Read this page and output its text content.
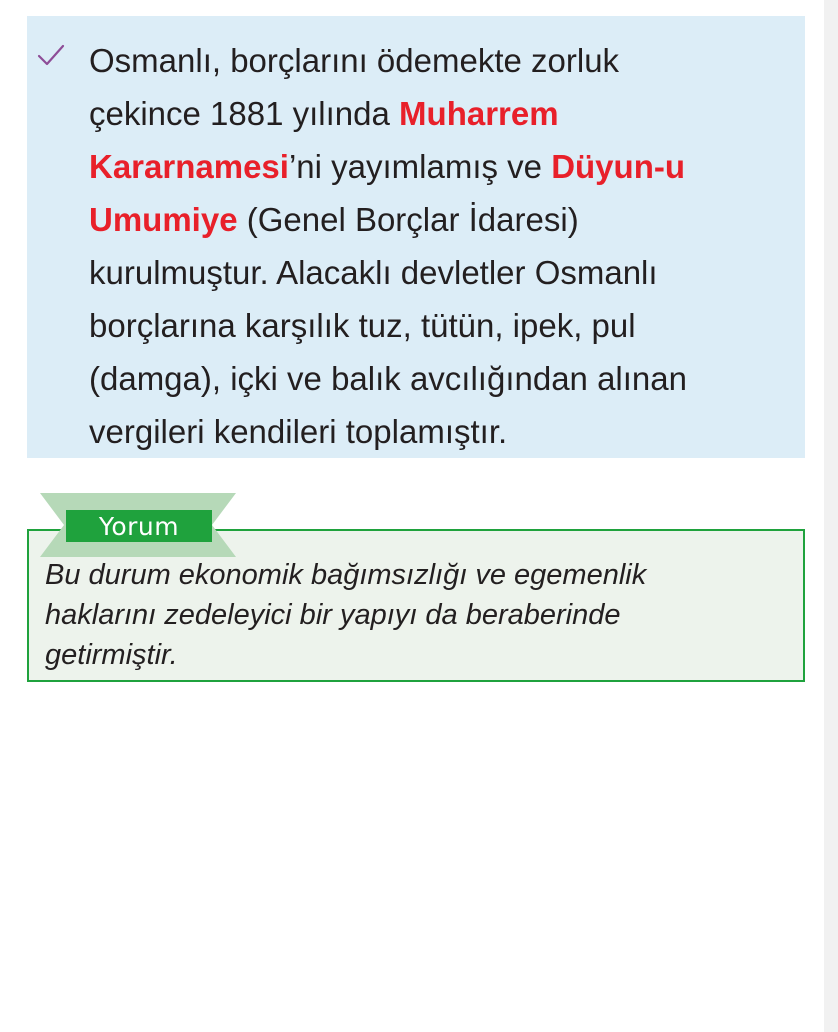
Osmanlı, borçlarını ödemekte zorluk
çekince 1881 yılında Muharrem
Kararnamesi’ni yayımlamış ve Düyun-u
Umumiye (Genel Borçlar İdaresi)
kurulmuştur. Alacaklı devletler Osmanlı
borçlarına karşılık tuz, tütün, ipek, pul
(damga), içki ve balık avcılığından alınan
vergileri kendileri toplamıştır.

Yorum

Bu durum ekonomik bağımsızlığı ve egemenlik
haklarını zedeleyici bir yapıyı da beraberinde
getirmiştir.
